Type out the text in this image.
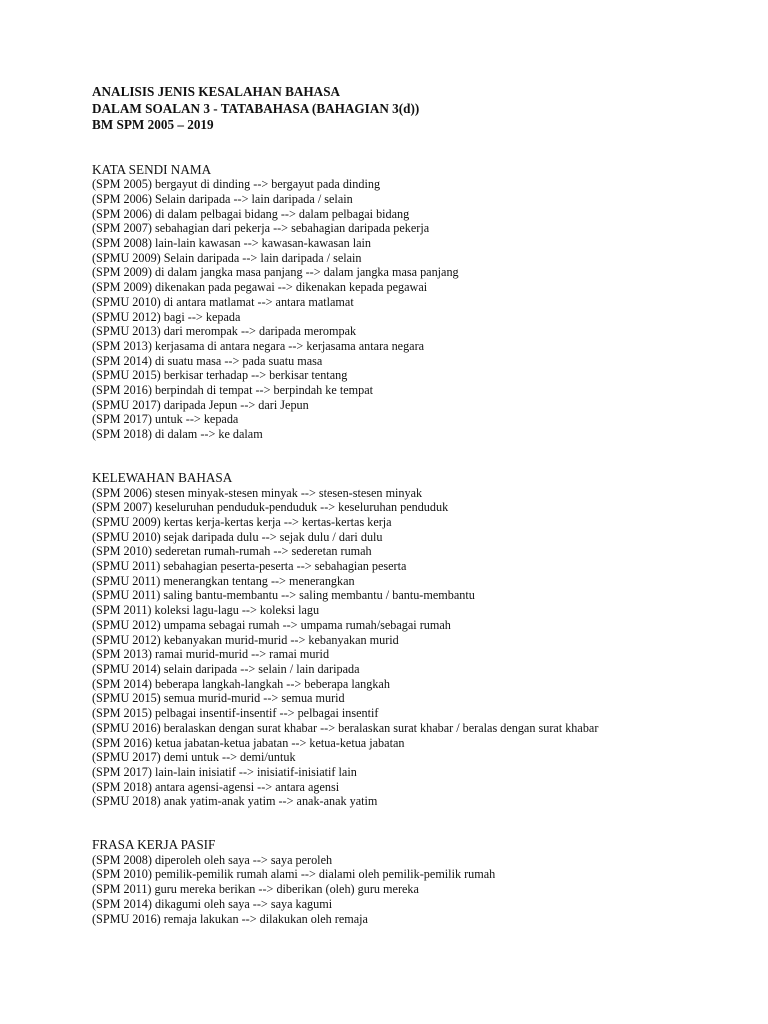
ANALISIS JENIS KESALAHAN BAHASA
DALAM SOALAN 3 - TATABAHASA (BAHAGIAN 3(d))
BM SPM 2005 – 2019
KATA SENDI NAMA
(SPM 2005) bergayut di dinding --> bergayut pada dinding
(SPM 2006) Selain daripada --> lain daripada / selain
(SPM 2006) di dalam pelbagai bidang --> dalam pelbagai bidang
(SPM 2007) sebahagian dari pekerja --> sebahagian daripada pekerja
(SPM 2008) lain-lain kawasan --> kawasan-kawasan lain
(SPMU 2009) Selain daripada --> lain daripada / selain
(SPM 2009) di dalam jangka masa panjang --> dalam jangka masa panjang
(SPM 2009) dikenakan pada pegawai --> dikenakan kepada pegawai
(SPMU 2010) di antara matlamat --> antara matlamat
(SPMU 2012) bagi --> kepada
(SPMU 2013) dari merompak --> daripada merompak
(SPM 2013) kerjasama di antara negara --> kerjasama antara negara
(SPM 2014) di suatu masa --> pada suatu masa
(SPMU 2015) berkisar terhadap --> berkisar tentang
(SPM 2016) berpindah di tempat --> berpindah ke tempat
(SPMU 2017) daripada Jepun --> dari Jepun
(SPM 2017) untuk --> kepada
(SPM 2018) di dalam --> ke dalam
KELEWAHAN BAHASA
(SPM 2006) stesen minyak-stesen minyak --> stesen-stesen minyak
(SPM 2007) keseluruhan penduduk-penduduk --> keseluruhan penduduk
(SPMU 2009) kertas kerja-kertas kerja --> kertas-kertas kerja
(SPMU 2010) sejak daripada dulu --> sejak dulu / dari dulu
(SPM 2010) sederetan rumah-rumah --> sederetan rumah
(SPMU 2011) sebahagian peserta-peserta --> sebahagian peserta
(SPMU 2011) menerangkan tentang --> menerangkan
(SPMU 2011) saling bantu-membantu --> saling membantu / bantu-membantu
(SPM 2011) koleksi lagu-lagu --> koleksi lagu
(SPMU 2012) umpama sebagai rumah --> umpama rumah/sebagai rumah
(SPMU 2012) kebanyakan murid-murid --> kebanyakan murid
(SPM 2013) ramai murid-murid --> ramai murid
(SPMU 2014) selain daripada --> selain / lain daripada
(SPM 2014) beberapa langkah-langkah --> beberapa langkah
(SPMU 2015) semua murid-murid --> semua murid
(SPM 2015) pelbagai insentif-insentif --> pelbagai insentif
(SPMU 2016) beralaskan dengan surat khabar --> beralaskan surat khabar / beralas dengan surat khabar
(SPM 2016) ketua jabatan-ketua jabatan --> ketua-ketua jabatan
(SPMU 2017) demi untuk --> demi/untuk
(SPM 2017) lain-lain inisiatif --> inisiatif-inisiatif lain
(SPM 2018) antara agensi-agensi --> antara agensi
(SPMU 2018) anak yatim-anak yatim --> anak-anak yatim
FRASA KERJA PASIF
(SPM 2008) diperoleh oleh saya --> saya peroleh
(SPM 2010) pemilik-pemilik rumah alami --> dialami oleh pemilik-pemilik rumah
(SPM 2011) guru mereka berikan --> diberikan (oleh) guru mereka
(SPM 2014) dikagumi oleh saya --> saya kagumi
(SPMU 2016) remaja lakukan --> dilakukan oleh remaja
